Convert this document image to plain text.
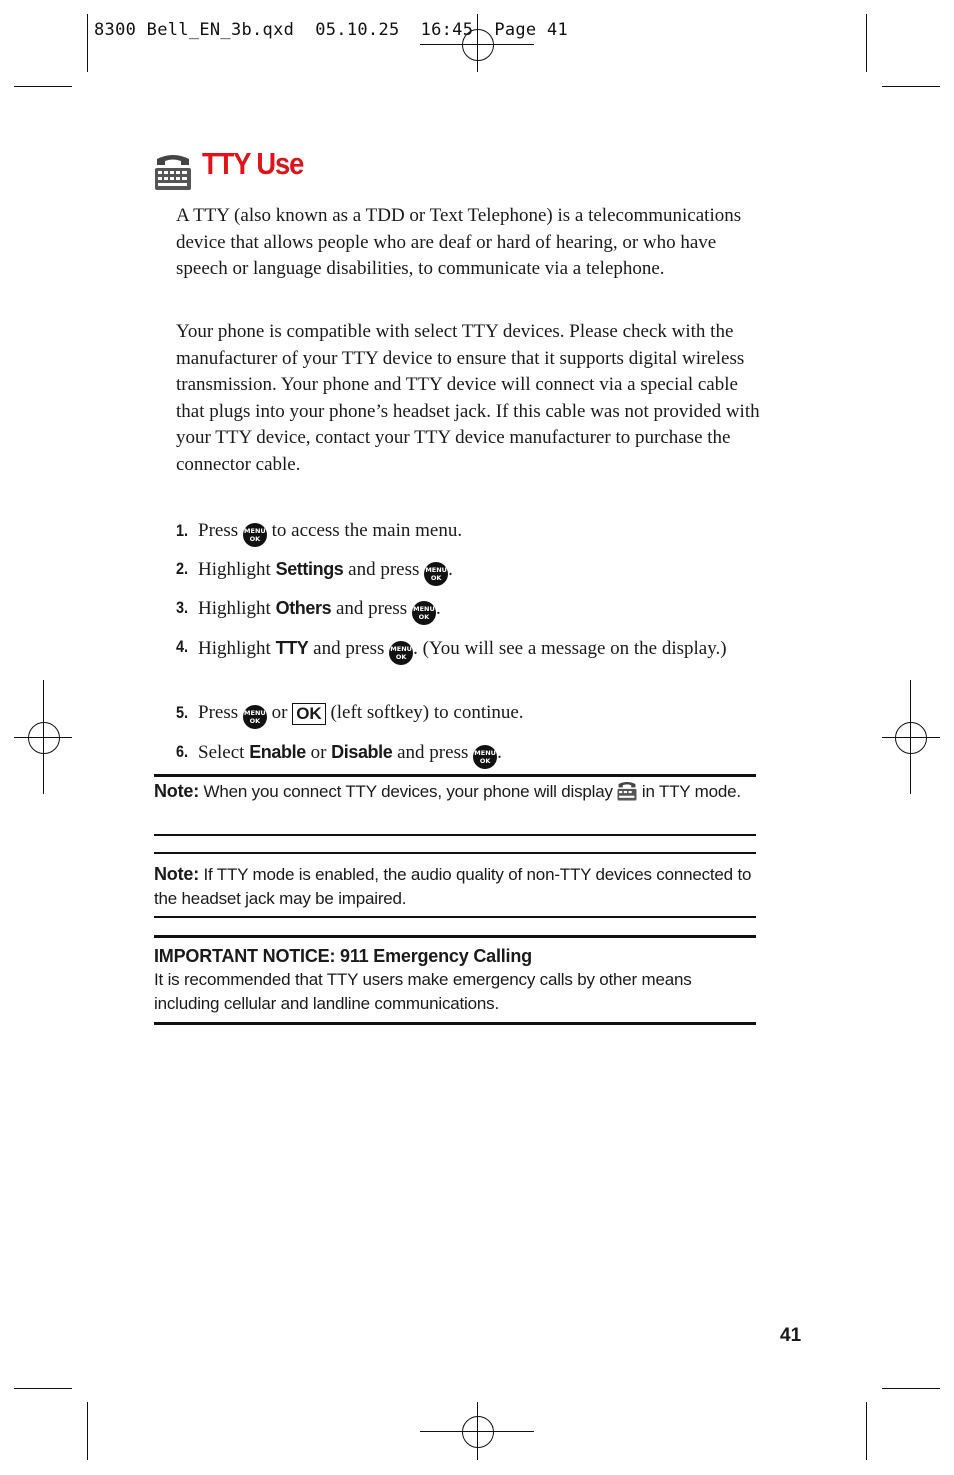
8300 Bell_EN_3b.qxd  05.10.25  16:45  Page 41
TTY Use

A TTY (also known as a TDD or Text Telephone) is a telecommunications device that allows people who are deaf or hard of hearing, or who have speech or language disabilities, to communicate via a telephone.

Your phone is compatible with select TTY devices. Please check with the manufacturer of your TTY device to ensure that it supports digital wireless transmission. Your phone and TTY device will connect via a special cable that plugs into your phone’s headset jack. If this cable was not provided with your TTY device, contact your TTY device manufacturer to purchase the connector cable.

1. Press MENU
OK to access the main menu.
2. Highlight Settings and press MENU
OK .
3. Highlight Others and press MENU
OK .
4. Highlight TTY and press MENU
OK . (You will see a message on the display.)
5. Press MENU
OK or OK (left softkey) to continue.
6. Select Enable or Disable and press MENU
OK .
Note: When you connect TTY devices, your phone will display in TTY mode.
Note: If TTY mode is enabled, the audio quality of non-TTY devices connected to the headset jack may be impaired.
IMPORTANT NOTICE: 911 Emergency Calling
It is recommended that TTY users make emergency calls by other means including cellular and landline communications.
41
